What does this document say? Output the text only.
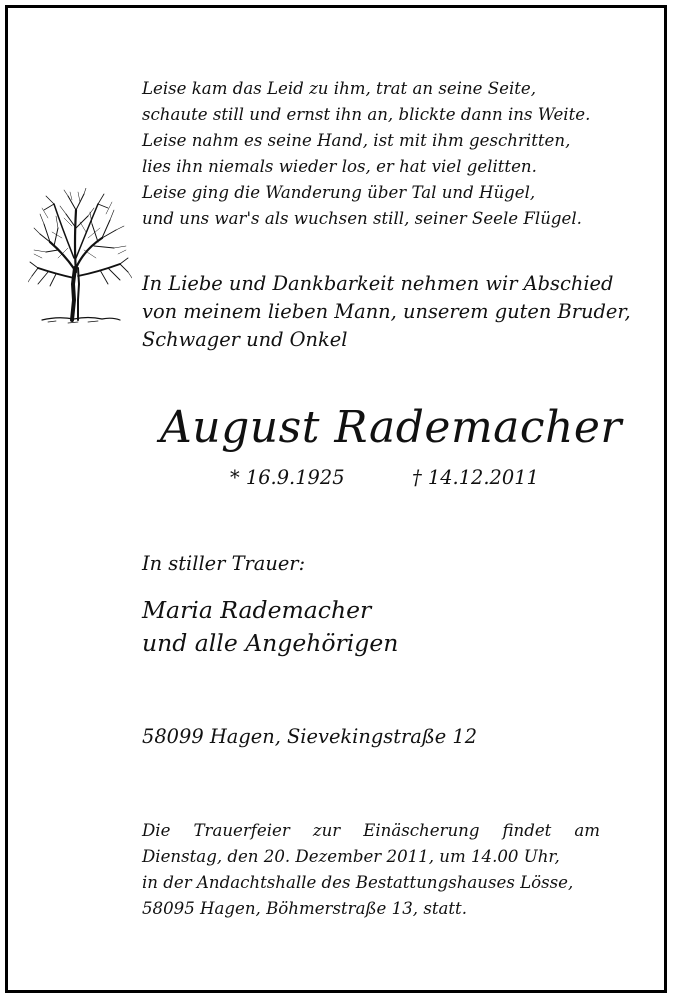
Leise kam das Leid zu ihm, trat an seine Seite,
schaute still und ernst ihn an, blickte dann ins Weite.
Leise nahm es seine Hand, ist mit ihm geschritten,
lies ihn niemals wieder los, er hat viel gelitten.
Leise ging die Wanderung über Tal und Hügel,
und uns war's als wuchsen still, seiner Seele Flügel.
In Liebe und Dankbarkeit nehmen wir Abschied
von meinem lieben Mann, unserem guten Bruder,
Schwager und Onkel
August Rademacher
* 16.9.1925	† 14.12.2011
In stiller Trauer:
Maria Rademacher
und alle Angehörigen
58099 Hagen, Sievekingstraße 12
Die Trauerfeier zur Einäscherung findet am
Dienstag, den 20. Dezember 2011, um 14.00 Uhr,
in der Andachtshalle des Bestattungshauses Lösse,
58095 Hagen, Böhmerstraße 13, statt.
